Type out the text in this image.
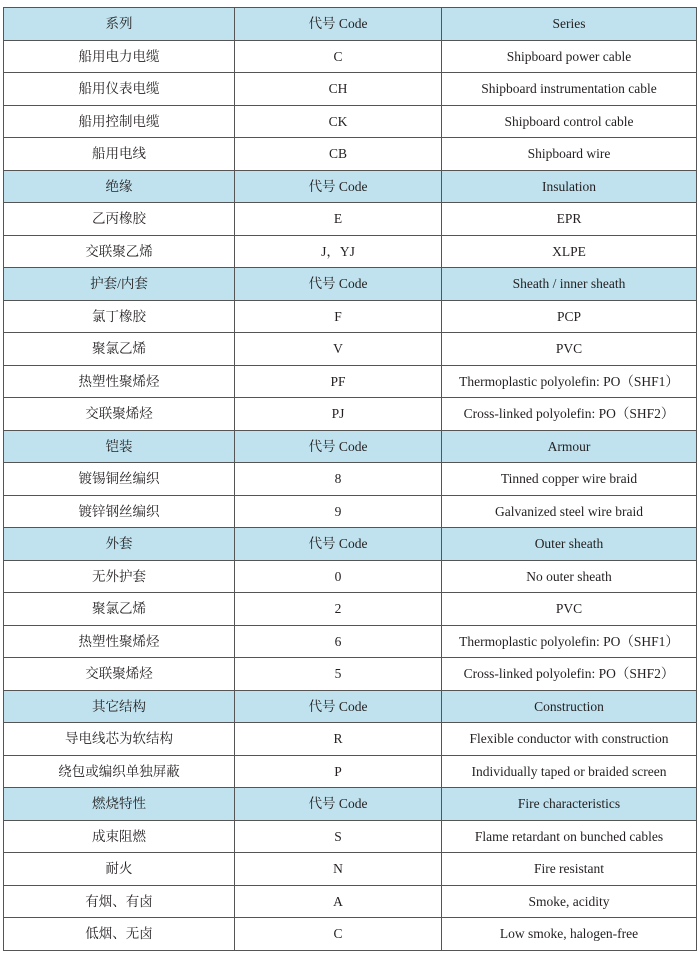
系列	代号 Code	Series
船用电力电缆	C	Shipboard power cable
船用仪表电缆	CH	Shipboard instrumentation cable
船用控制电缆	CK	Shipboard control cable
船用电线	CB	Shipboard wire
绝缘	代号 Code	Insulation
乙丙橡胶	E	EPR
交联聚乙烯	J，YJ	XLPE
护套/内套	代号 Code	Sheath / inner sheath
氯丁橡胶	F	PCP
聚氯乙烯	V	PVC
热塑性聚烯烃	PF	Thermoplastic polyolefin: PO（SHF1）
交联聚烯烃	PJ	Cross-linked polyolefin: PO（SHF2）
铠装	代号 Code	Armour
镀锡铜丝编织	8	Tinned copper wire braid
镀锌钢丝编织	9	Galvanized steel wire braid
外套	代号 Code	Outer sheath
无外护套	0	No outer sheath
聚氯乙烯	2	PVC
热塑性聚烯烃	6	Thermoplastic polyolefin: PO（SHF1）
交联聚烯烃	5	Cross-linked polyolefin: PO（SHF2）
其它结构	代号 Code	Construction
导电线芯为软结构	R	Flexible conductor with construction
绕包或编织单独屏蔽	P	Individually taped or braided screen
燃烧特性	代号 Code	Fire characteristics
成束阻燃	S	Flame retardant on bunched cables
耐火	N	Fire resistant
有烟、有卤	A	Smoke, acidity
低烟、无卤	C	Low smoke, halogen-free
